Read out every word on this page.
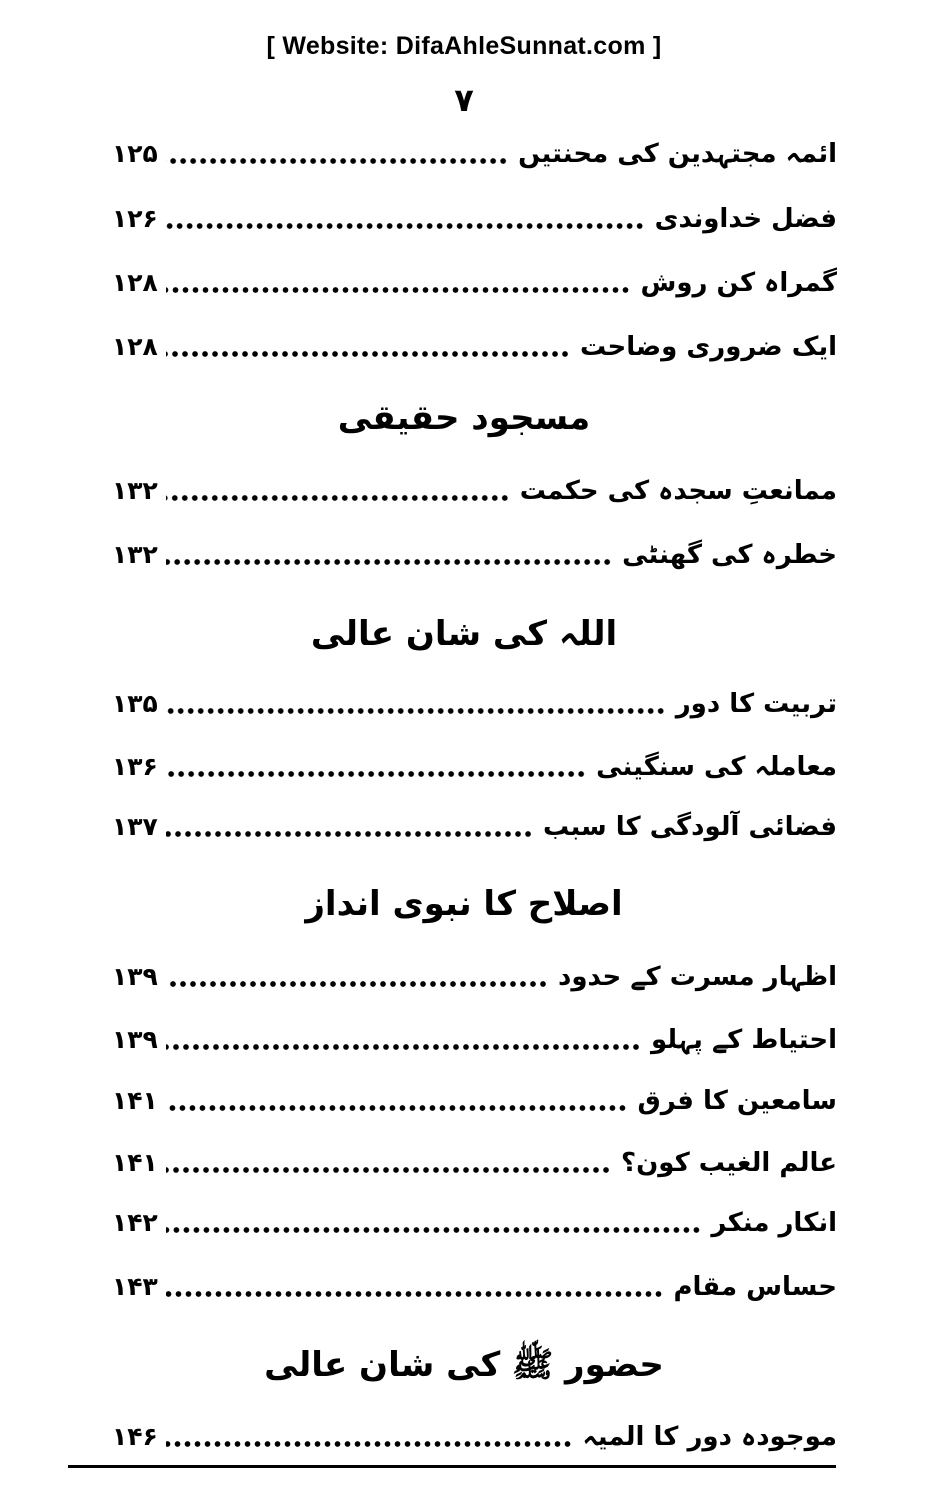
[ Website: DifaAhleSunnat.com ]
۷
ائمہ مجتہدین کی محنتیں
۱۲۵
فضل خداوندی
۱۲۶
گمراہ کن روش
۱۲۸
ایک ضروری وضاحت
۱۲۸
مسجود حقیقی
ممانعتِ سجدہ کی حکمت
۱۳۲
خطرہ کی گھنٹی
۱۳۲
اللہ کی شان عالی
تربیت کا دور
۱۳۵
معاملہ کی سنگینی
۱۳۶
فضائی آلودگی کا سبب
۱۳۷
اصلاح کا نبوی انداز
اظہار مسرت کے حدود
۱۳۹
احتیاط کے پہلو
۱۳۹
سامعین کا فرق
۱۴۱
عالم الغیب کون؟
۱۴۱
انکار منکر
۱۴۲
حساس مقام
۱۴۳
حضور ﷺ کی شان عالی
موجودہ دور کا المیہ
۱۴۶
